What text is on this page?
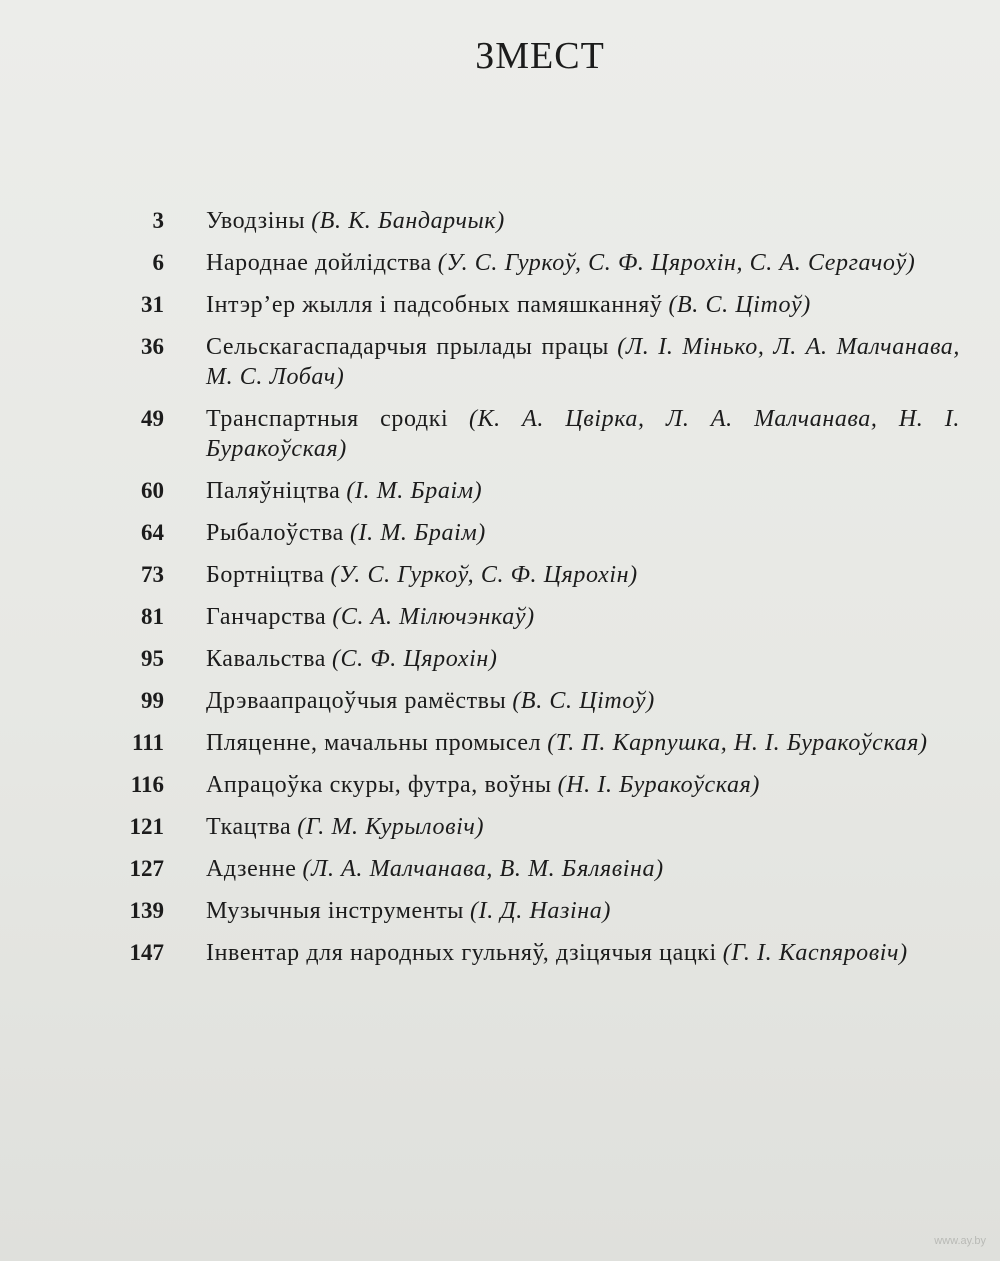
ЗМЕСТ
3 Уводзіны (В. К. Бандарчык)
6 Народнае дойлідства (У. С. Гуркоў, С. Ф. Цярохін, С. А. Сергачоў)
31 Інтэр’ер жылля і падсобных памяшканняў (В. С. Цітоў)
36 Сельскагаспадарчыя прылады працы (Л. І. Мінько, Л. А. Малчанава, М. С. Лобач)
49 Транспартныя сродкі (К. А. Цвірка, Л. А. Малчанава, Н. І. Буракоўская)
60 Паляўніцтва (І. М. Браім)
64 Рыбалоўства (І. М. Браім)
73 Бортніцтва (У. С. Гуркоў, С. Ф. Цярохін)
81 Ганчарства (С. А. Мілючэнкаў)
95 Кавальства (С. Ф. Цярохін)
99 Дрэваапрацоўчыя рамёствы (В. С. Цітоў)
111 Пляценне, мачальны промысел (Т. П. Карпушка, Н. І. Буракоўская)
116 Апрацоўка скуры, футра, воўны (Н. І. Буракоўская)
121 Ткацтва (Г. М. Курыловіч)
127 Адзенне (Л. А. Малчанава, В. М. Бялявіна)
139 Музычныя інструменты (І. Д. Назіна)
147 Інвентар для народных гульняў, дзіцячыя цацкі (Г. І. Каспяровіч)
www.ay.by
